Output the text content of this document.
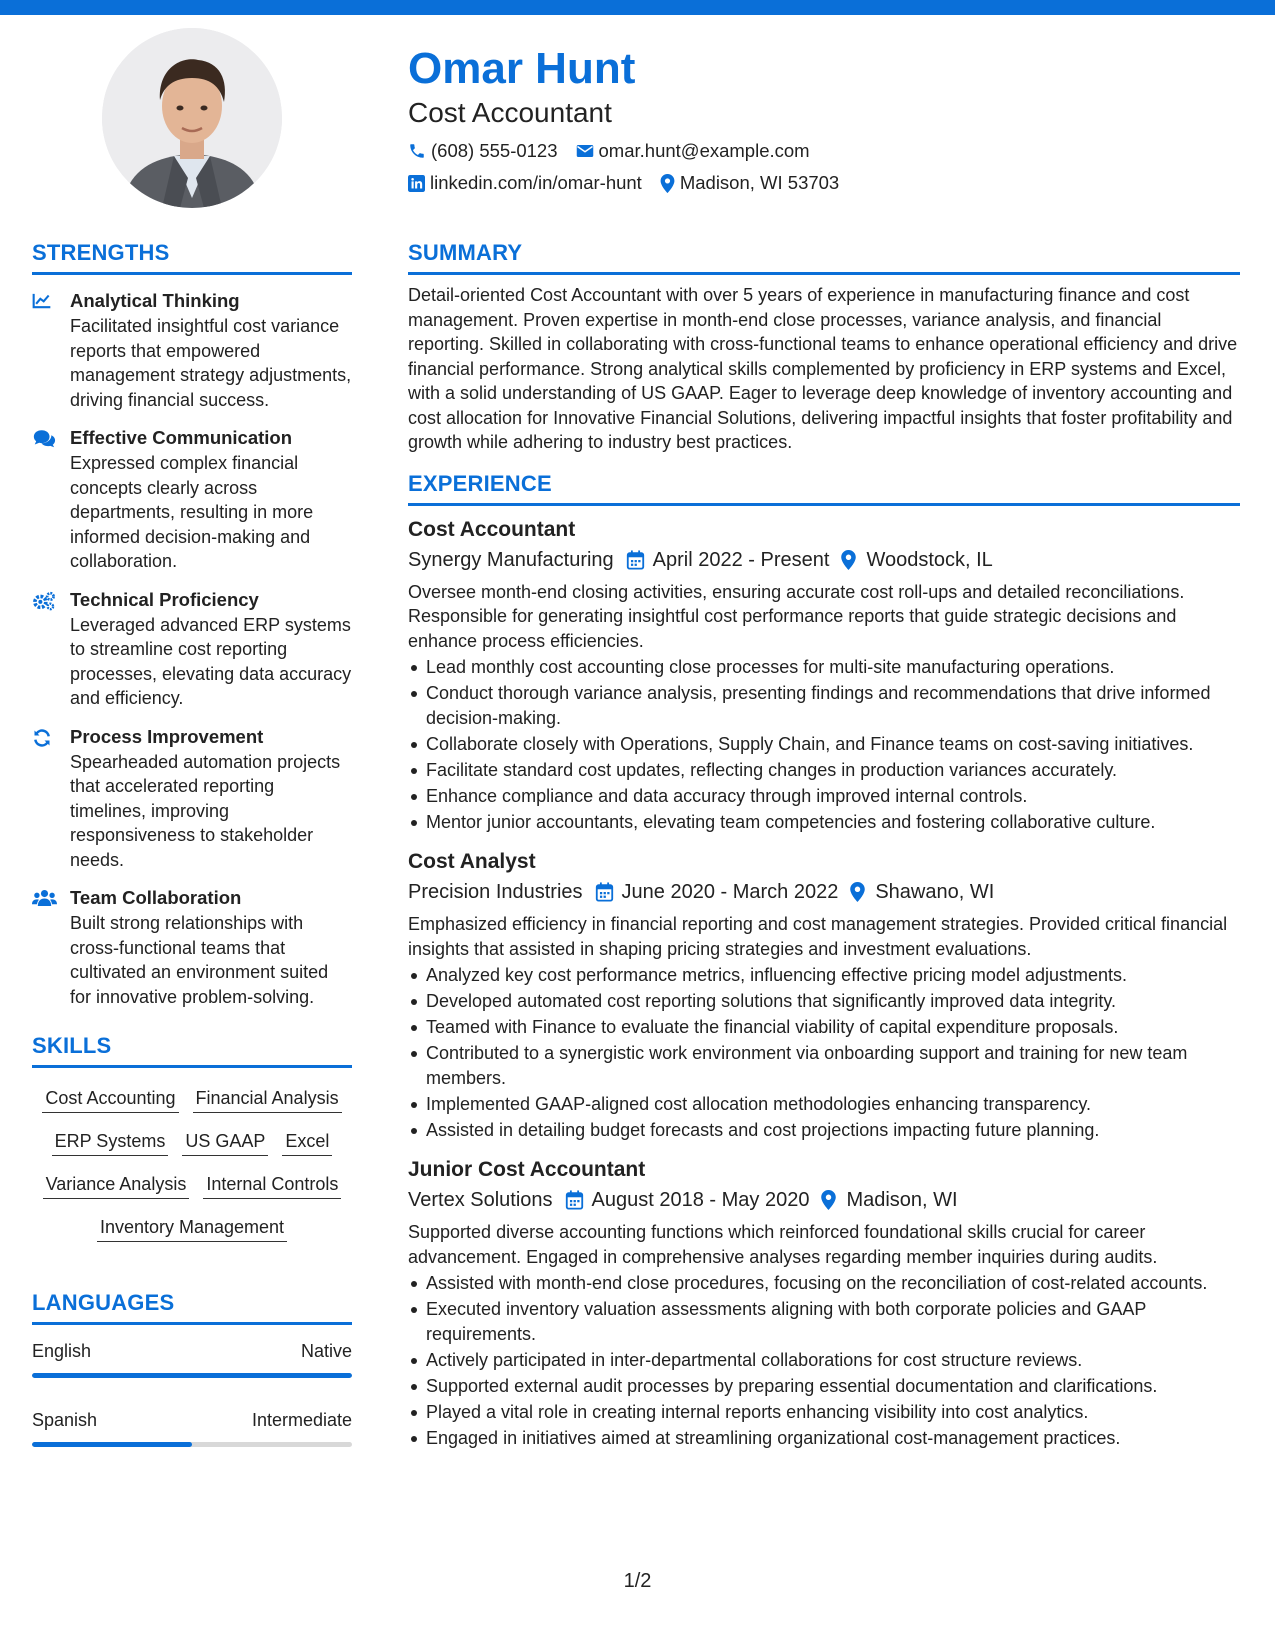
Omar Hunt
Cost Accountant
(608) 555-0123 omar.hunt@example.com
linkedin.com/in/omar-hunt Madison, WI 53703
STRENGTHS
Analytical Thinking
Facilitated insightful cost variance reports that empowered management strategy adjustments, driving financial success.
Effective Communication
Expressed complex financial concepts clearly across departments, resulting in more informed decision-making and collaboration.
Technical Proficiency
Leveraged advanced ERP systems to streamline cost reporting processes, elevating data accuracy and efficiency.
Process Improvement
Spearheaded automation projects that accelerated reporting timelines, improving responsiveness to stakeholder needs.
Team Collaboration
Built strong relationships with cross-functional teams that cultivated an environment suited for innovative problem-solving.
SKILLS
Cost Accounting Financial Analysis
ERP Systems US GAAP Excel
Variance Analysis Internal Controls
Inventory Management
LANGUAGES
English	Native
Spanish	Intermediate
SUMMARY
Detail-oriented Cost Accountant with over 5 years of experience in manufacturing finance and cost management. Proven expertise in month-end close processes, variance analysis, and financial reporting. Skilled in collaborating with cross-functional teams to enhance operational efficiency and drive financial performance. Strong analytical skills complemented by proficiency in ERP systems and Excel, with a solid understanding of US GAAP. Eager to leverage deep knowledge of inventory accounting and cost allocation for Innovative Financial Solutions, delivering impactful insights that foster profitability and growth while adhering to industry best practices.
EXPERIENCE
Cost Accountant
Synergy Manufacturing April 2022 - Present Woodstock, IL
Oversee month-end closing activities, ensuring accurate cost roll-ups and detailed reconciliations. Responsible for generating insightful cost performance reports that guide strategic decisions and enhance process efficiencies.
Lead monthly cost accounting close processes for multi-site manufacturing operations.
Conduct thorough variance analysis, presenting findings and recommendations that drive informed decision-making.
Collaborate closely with Operations, Supply Chain, and Finance teams on cost-saving initiatives.
Facilitate standard cost updates, reflecting changes in production variances accurately.
Enhance compliance and data accuracy through improved internal controls.
Mentor junior accountants, elevating team competencies and fostering collaborative culture.
Cost Analyst
Precision Industries June 2020 - March 2022 Shawano, WI
Emphasized efficiency in financial reporting and cost management strategies. Provided critical financial insights that assisted in shaping pricing strategies and investment evaluations.
Analyzed key cost performance metrics, influencing effective pricing model adjustments.
Developed automated cost reporting solutions that significantly improved data integrity.
Teamed with Finance to evaluate the financial viability of capital expenditure proposals.
Contributed to a synergistic work environment via onboarding support and training for new team members.
Implemented GAAP-aligned cost allocation methodologies enhancing transparency.
Assisted in detailing budget forecasts and cost projections impacting future planning.
Junior Cost Accountant
Vertex Solutions August 2018 - May 2020 Madison, WI
Supported diverse accounting functions which reinforced foundational skills crucial for career advancement. Engaged in comprehensive analyses regarding member inquiries during audits.
Assisted with month-end close procedures, focusing on the reconciliation of cost-related accounts.
Executed inventory valuation assessments aligning with both corporate policies and GAAP requirements.
Actively participated in inter-departmental collaborations for cost structure reviews.
Supported external audit processes by preparing essential documentation and clarifications.
Played a vital role in creating internal reports enhancing visibility into cost analytics.
Engaged in initiatives aimed at streamlining organizational cost-management practices.
1/2
